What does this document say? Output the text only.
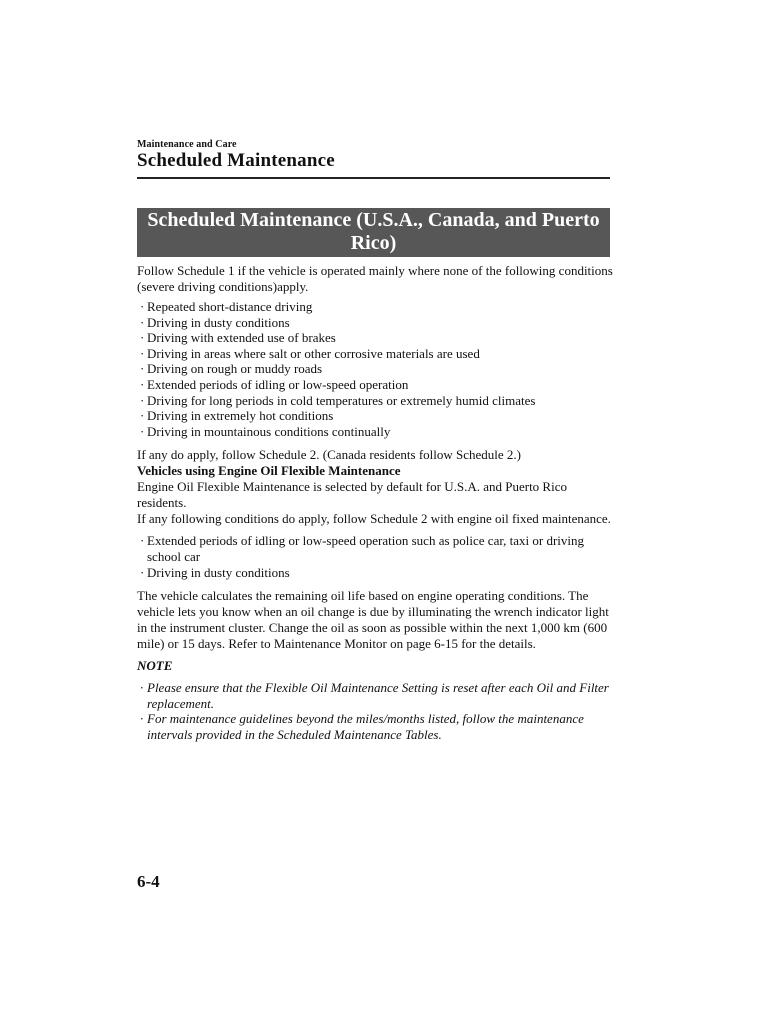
Maintenance and Care
Scheduled Maintenance
Scheduled Maintenance (U.S.A., Canada, and Puerto
Rico)

Follow Schedule 1 if the vehicle is operated mainly where none of the following conditions (severe driving conditions)apply.

· Repeated short-distance driving
· Driving in dusty conditions
· Driving with extended use of brakes
· Driving in areas where salt or other corrosive materials are used
· Driving on rough or muddy roads
· Extended periods of idling or low-speed operation
· Driving for long periods in cold temperatures or extremely humid climates
· Driving in extremely hot conditions
· Driving in mountainous conditions continually

If any do apply, follow Schedule 2. (Canada residents follow Schedule 2.)

Vehicles using Engine Oil Flexible Maintenance

Engine Oil Flexible Maintenance is selected by default for U.S.A. and Puerto Rico residents.

If any following conditions do apply, follow Schedule 2 with engine oil fixed maintenance.

· Extended periods of idling or low-speed operation such as police car, taxi or driving school car
· Driving in dusty conditions

The vehicle calculates the remaining oil life based on engine operating conditions. The vehicle lets you know when an oil change is due by illuminating the wrench indicator light in the instrument cluster. Change the oil as soon as possible within the next 1,000 km (600 mile) or 15 days. Refer to Maintenance Monitor on page 6-15 for the details.

NOTE

· Please ensure that the Flexible Oil Maintenance Setting is reset after each Oil and Filter replacement.
· For maintenance guidelines beyond the miles/months listed, follow the maintenance intervals provided in the Scheduled Maintenance Tables.
6-4
